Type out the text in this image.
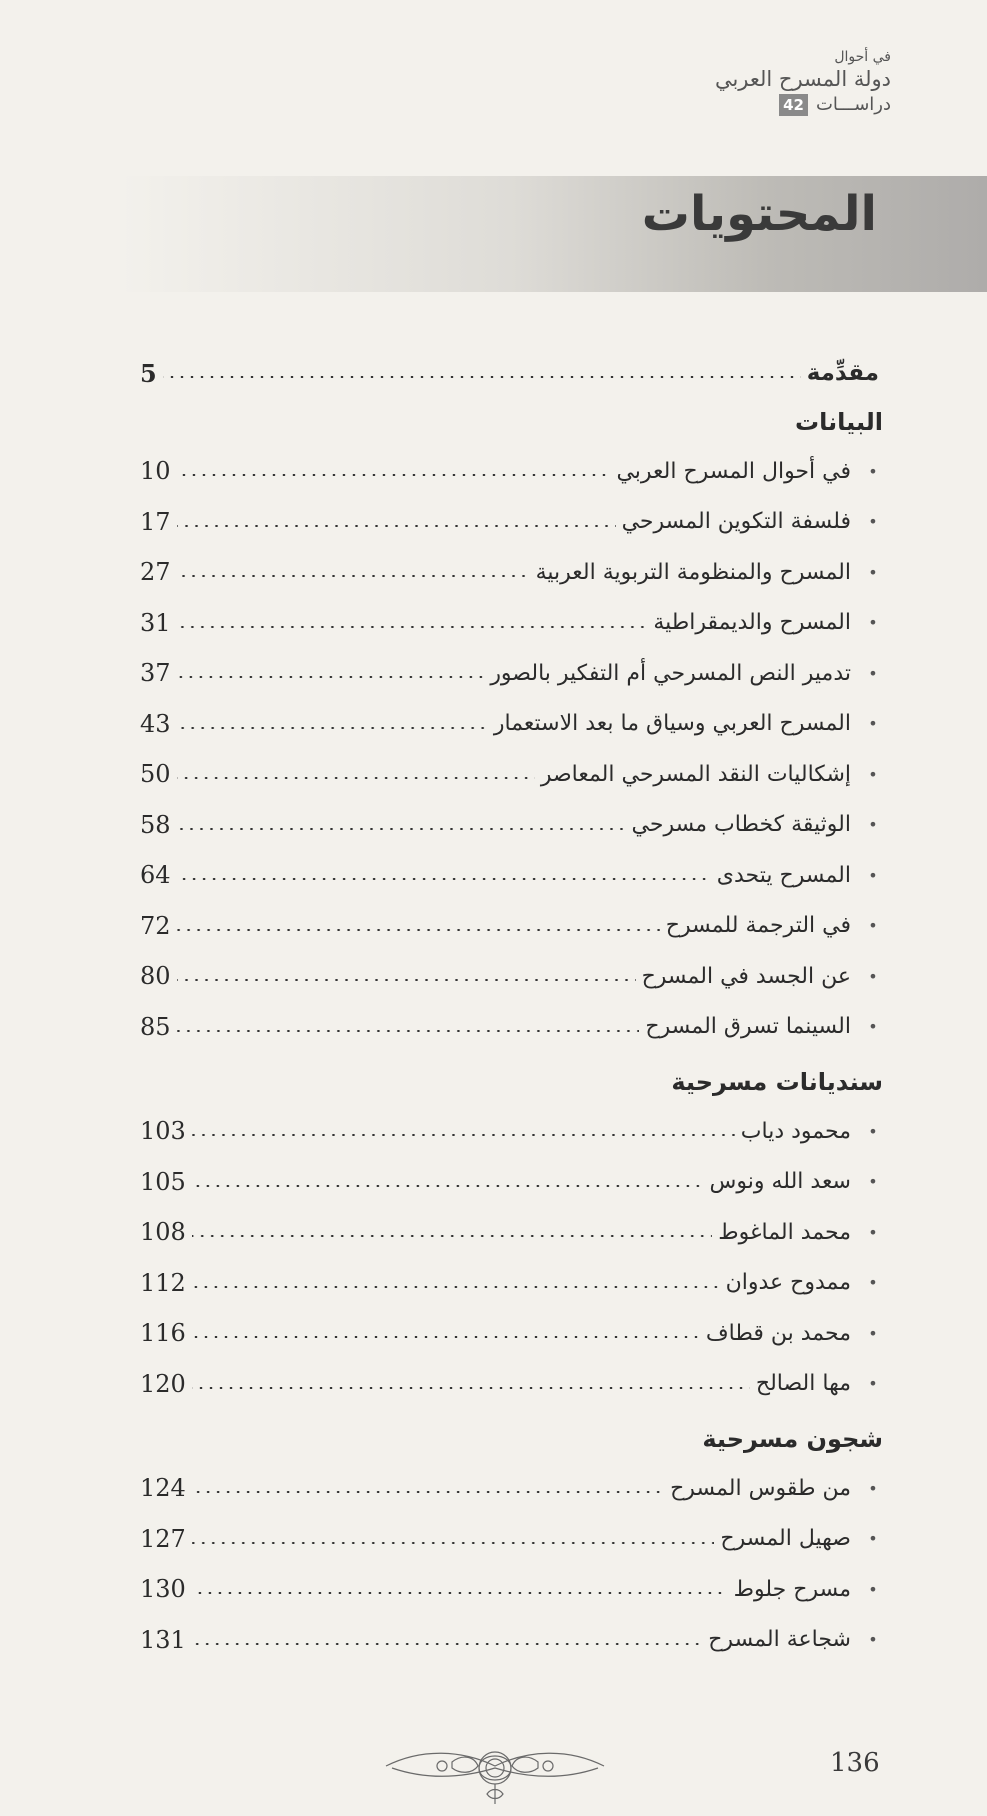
في أحوال
دولة المسرح العربي
دراســـات
42
المحتويات
مقدِّمة
5
البيانات
•
في أحوال المسرح العربي
10
•
فلسفة التكوين المسرحي
17
•
المسرح والمنظومة التربوية العربية
27
•
المسرح والديمقراطية
31
•
تدمير النص المسرحي أم التفكير بالصور
37
•
المسرح العربي وسياق ما بعد الاستعمار
43
•
إشكاليات النقد المسرحي المعاصر
50
•
الوثيقة كخطاب مسرحي
58
•
المسرح يتحدى
64
•
في الترجمة للمسرح
72
•
عن الجسد في المسرح
80
•
السينما تسرق المسرح
85
سنديانات مسرحية
•
محمود دياب
103
•
سعد الله ونوس
105
•
محمد الماغوط
108
•
ممدوح عدوان
112
•
محمد بن قطاف
116
•
مها الصالح
120
شجون مسرحية
•
من طقوس المسرح
124
•
صهيل المسرح
127
•
مسرح جلوط
130
•
شجاعة المسرح
131
136
